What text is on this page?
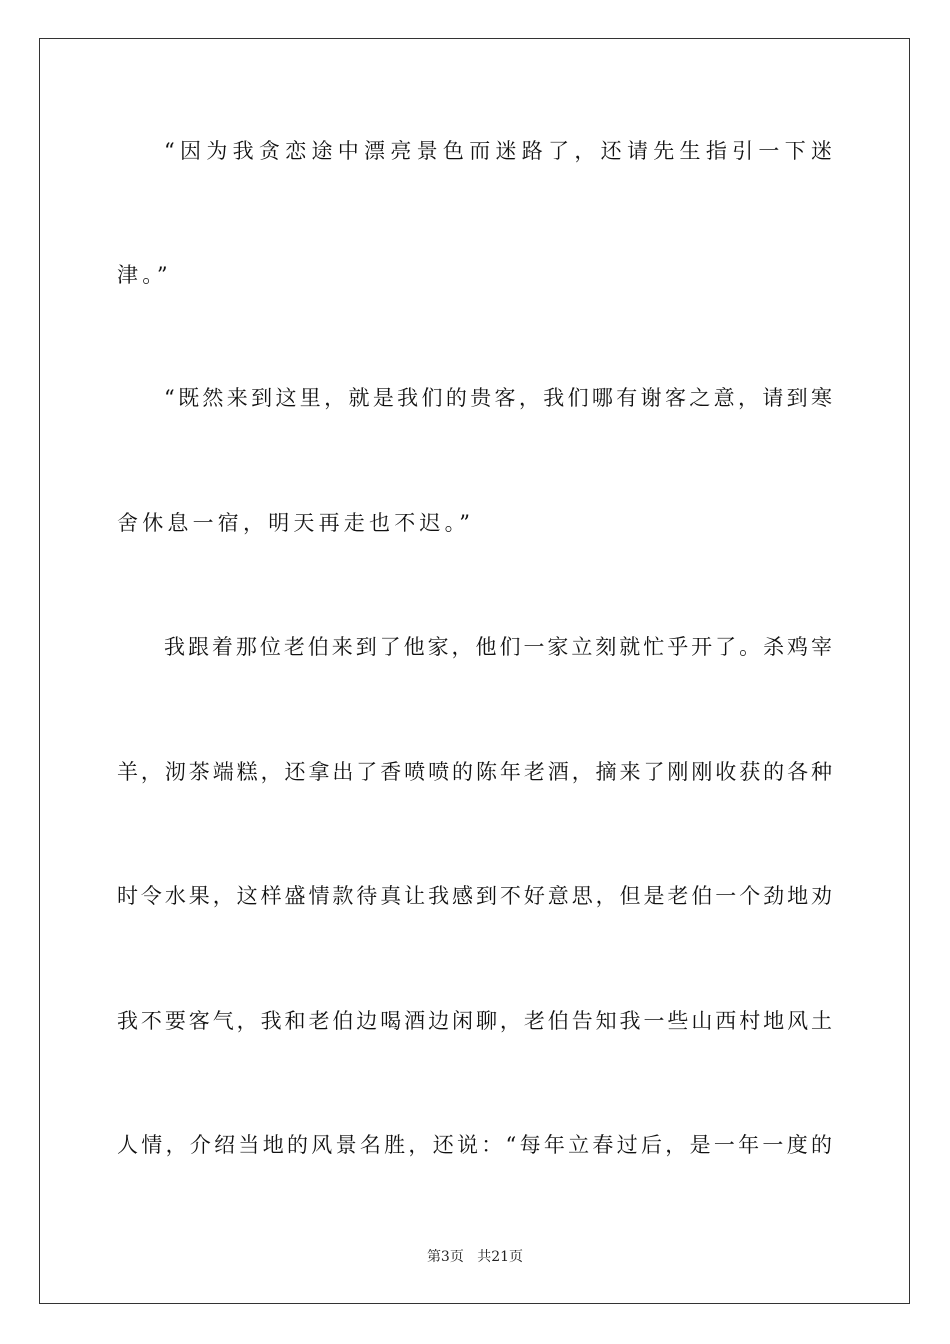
“因为我贪恋途中漂亮景色而迷路了，还请先生指引一下迷
津。”
“既然来到这里，就是我们的贵客，我们哪有谢客之意，请到寒
舍休息一宿，明天再走也不迟。”
我跟着那位老伯来到了他家，他们一家立刻就忙乎开了。杀鸡宰
羊，沏茶端糕，还拿出了香喷喷的陈年老酒，摘来了刚刚收获的各种
时令水果，这样盛情款待真让我感到不好意思，但是老伯一个劲地劝
我不要客气，我和老伯边喝酒边闲聊，老伯告知我一些山西村地风土
人情，介绍当地的风景名胜，还说：“每年立春过后，是一年一度的
第3页 共21页
